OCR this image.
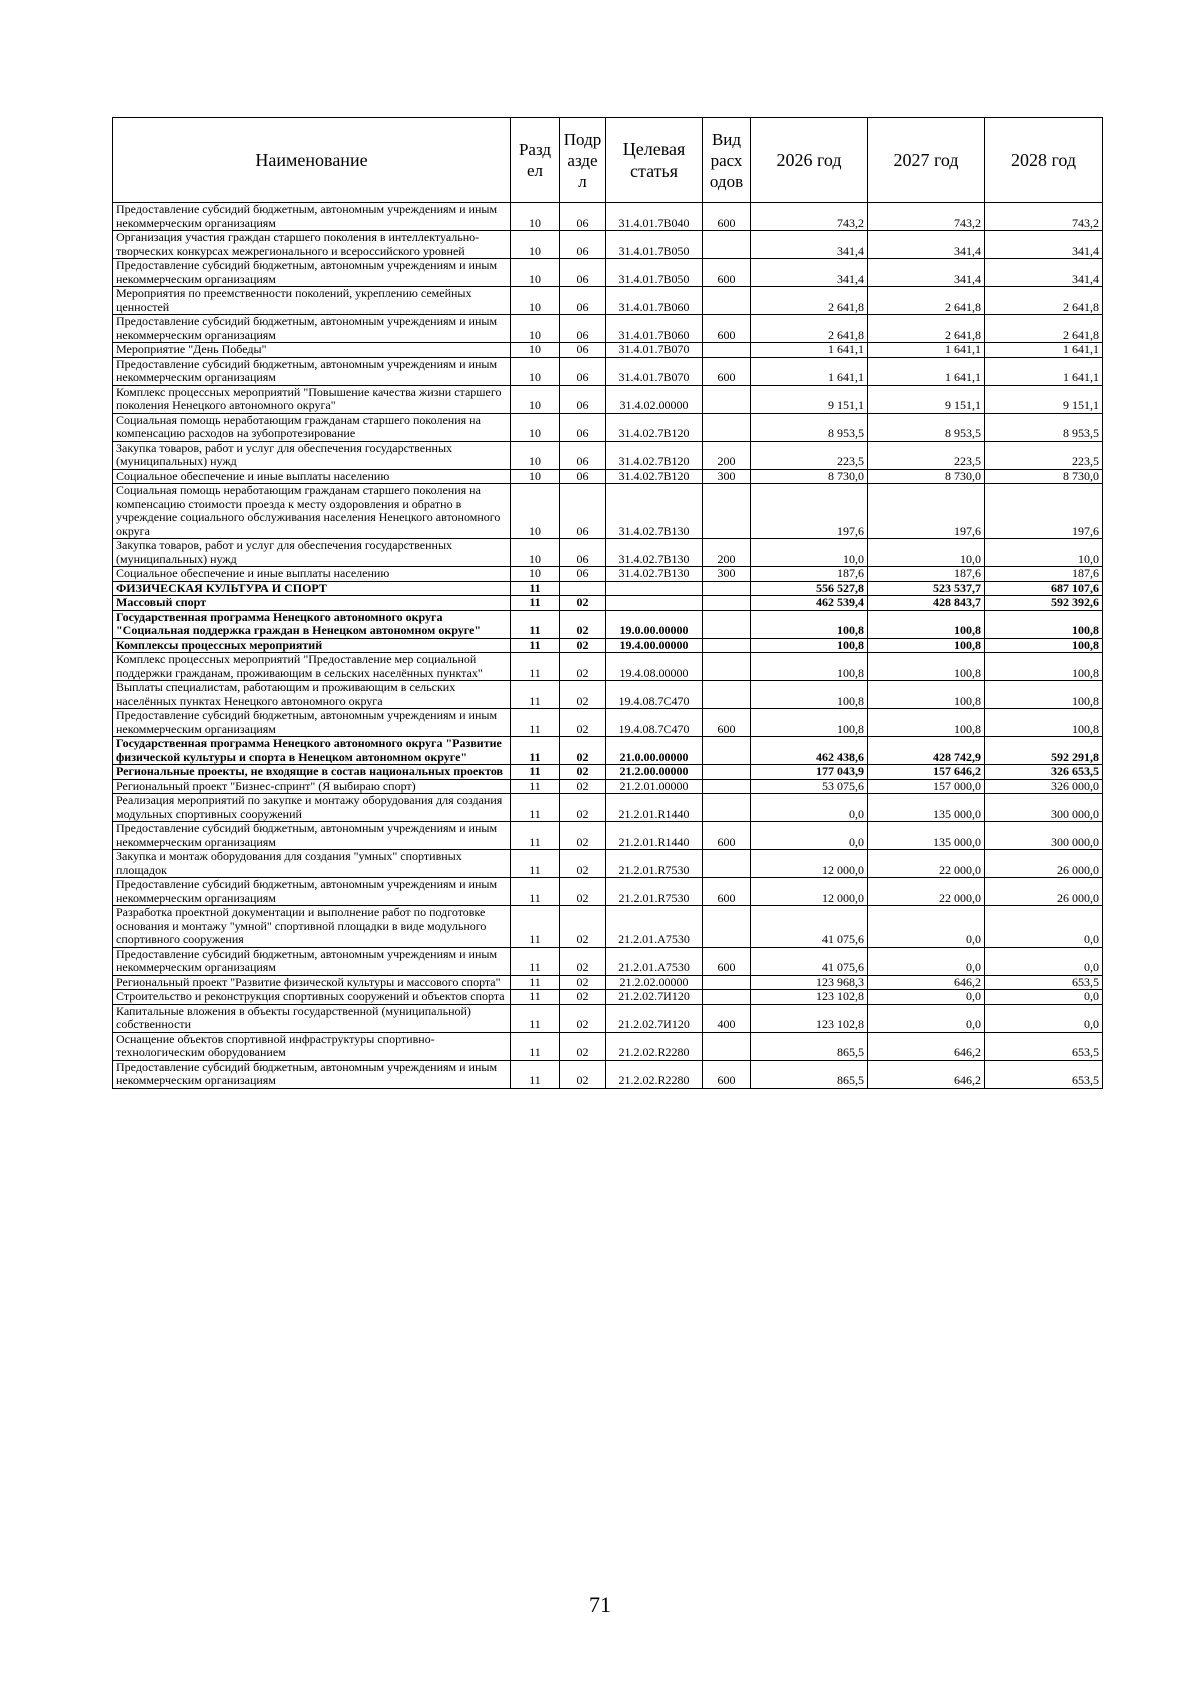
Наименование	Разд ел	Подр азде л	Целевая статья	Вид расх одов	2026 год	2027 год	2028 год
Предоставление субсидий бюджетным, автономным учреждениям и иным некоммерческим организациям	10	06	31.4.01.7В040	600	743,2	743,2	743,2
Организация участия граждан старшего поколения в интеллектуально-творческих конкурсах межрегионального и всероссийского уровней	10	06	31.4.01.7В050		341,4	341,4	341,4
Предоставление субсидий бюджетным, автономным учреждениям и иным некоммерческим организациям	10	06	31.4.01.7В050	600	341,4	341,4	341,4
Мероприятия по преемственности поколений, укреплению семейных ценностей	10	06	31.4.01.7В060		2 641,8	2 641,8	2 641,8
Предоставление субсидий бюджетным, автономным учреждениям и иным некоммерческим организациям	10	06	31.4.01.7В060	600	2 641,8	2 641,8	2 641,8
Мероприятие "День Победы"	10	06	31.4.01.7В070		1 641,1	1 641,1	1 641,1
Предоставление субсидий бюджетным, автономным учреждениям и иным некоммерческим организациям	10	06	31.4.01.7В070	600	1 641,1	1 641,1	1 641,1
Комплекс процессных мероприятий "Повышение качества жизни старшего поколения Ненецкого автономного округа"	10	06	31.4.02.00000		9 151,1	9 151,1	9 151,1
Социальная помощь неработающим гражданам старшего поколения на компенсацию расходов на зубопротезирование	10	06	31.4.02.7В120		8 953,5	8 953,5	8 953,5
Закупка товаров, работ и услуг для обеспечения государственных (муниципальных) нужд	10	06	31.4.02.7В120	200	223,5	223,5	223,5
Социальное обеспечение и иные выплаты населению	10	06	31.4.02.7В120	300	8 730,0	8 730,0	8 730,0
Социальная помощь неработающим гражданам старшего поколения на компенсацию стоимости проезда к месту оздоровления и обратно в учреждение социального обслуживания населения Ненецкого автономного округа	10	06	31.4.02.7В130		197,6	197,6	197,6
Закупка товаров, работ и услуг для обеспечения государственных (муниципальных) нужд	10	06	31.4.02.7В130	200	10,0	10,0	10,0
Социальное обеспечение и иные выплаты населению	10	06	31.4.02.7В130	300	187,6	187,6	187,6
ФИЗИЧЕСКАЯ КУЛЬТУРА И СПОРТ	11				556 527,8	523 537,7	687 107,6
Массовый спорт	11	02			462 539,4	428 843,7	592 392,6
Государственная программа Ненецкого автономного округа "Социальная поддержка граждан в Ненецком автономном округе"	11	02	19.0.00.00000		100,8	100,8	100,8
Комплексы процессных мероприятий	11	02	19.4.00.00000		100,8	100,8	100,8
Комплекс процессных мероприятий "Предоставление мер социальной поддержки гражданам, проживающим в сельских населённых пунктах"	11	02	19.4.08.00000		100,8	100,8	100,8
Выплаты специалистам, работающим и проживающим в сельских населённых пунктах Ненецкого автономного округа	11	02	19.4.08.7С470		100,8	100,8	100,8
Предоставление субсидий бюджетным, автономным учреждениям и иным некоммерческим организациям	11	02	19.4.08.7С470	600	100,8	100,8	100,8
Государственная программа Ненецкого автономного округа "Развитие физической культуры и спорта в Ненецком автономном округе"	11	02	21.0.00.00000		462 438,6	428 742,9	592 291,8
Региональные проекты, не входящие в состав национальных проектов	11	02	21.2.00.00000		177 043,9	157 646,2	326 653,5
Региональный проект "Бизнес-спринт" (Я выбираю спорт)	11	02	21.2.01.00000		53 075,6	157 000,0	326 000,0
Реализация мероприятий по закупке и монтажу оборудования для создания модульных спортивных сооружений	11	02	21.2.01.R1440		0,0	135 000,0	300 000,0
Предоставление субсидий бюджетным, автономным учреждениям и иным некоммерческим организациям	11	02	21.2.01.R1440	600	0,0	135 000,0	300 000,0
Закупка и монтаж оборудования для создания "умных" спортивных площадок	11	02	21.2.01.R7530		12 000,0	22 000,0	26 000,0
Предоставление субсидий бюджетным, автономным учреждениям и иным некоммерческим организациям	11	02	21.2.01.R7530	600	12 000,0	22 000,0	26 000,0
Разработка проектной документации и выполнение работ по подготовке основания и монтажу "умной" спортивной площадки в виде модульного спортивного сооружения	11	02	21.2.01.А7530		41 075,6	0,0	0,0
Предоставление субсидий бюджетным, автономным учреждениям и иным некоммерческим организациям	11	02	21.2.01.А7530	600	41 075,6	0,0	0,0
Региональный проект "Развитие физической культуры и массового спорта"	11	02	21.2.02.00000		123 968,3	646,2	653,5
Строительство и реконструкция спортивных сооружений и объектов спорта	11	02	21.2.02.7И120		123 102,8	0,0	0,0
Капитальные вложения в объекты государственной (муниципальной) собственности	11	02	21.2.02.7И120	400	123 102,8	0,0	0,0
Оснащение объектов спортивной инфраструктуры спортивно-технологическим оборудованием	11	02	21.2.02.R2280		865,5	646,2	653,5
Предоставление субсидий бюджетным, автономным учреждениям и иным некоммерческим организациям	11	02	21.2.02.R2280	600	865,5	646,2	653,5
71
